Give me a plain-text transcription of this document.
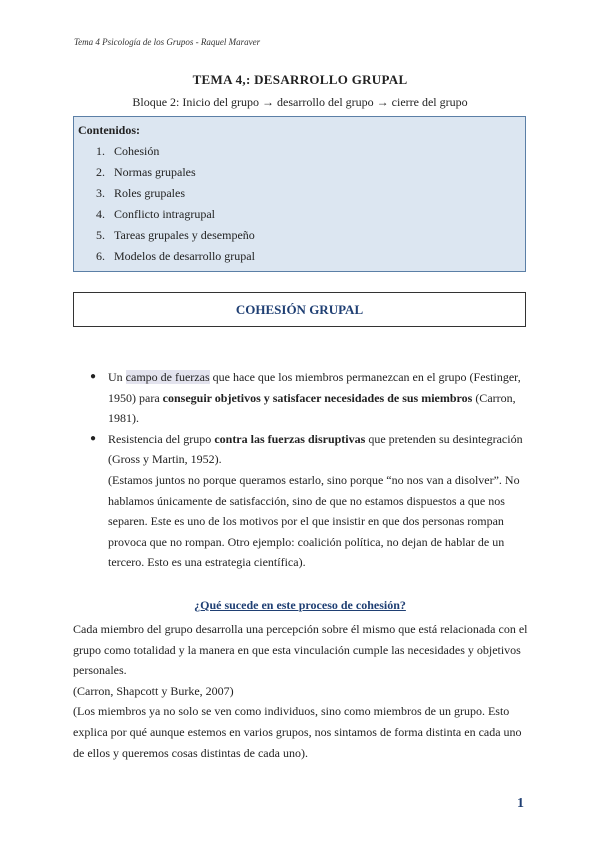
Tema 4 Psicología de los Grupos - Raquel Maraver
TEMA 4,: DESARROLLO GRUPAL
Bloque 2: Inicio del grupo → desarrollo del grupo → cierre del grupo
Contenidos:
1. Cohesión
2. Normas grupales
3. Roles grupales
4. Conflicto intragrupal
5. Tareas grupales y desempeño
6. Modelos de desarrollo grupal
COHESIÓN GRUPAL
● Un campo de fuerzas que hace que los miembros permanezcan en el grupo (Festinger, 1950) para conseguir objetivos y satisfacer necesidades de sus miembros (Carron, 1981).
● Resistencia del grupo contra las fuerzas disruptivas que pretenden su desintegración (Gross y Martin, 1952).
(Estamos juntos no porque queramos estarlo, sino porque “no nos van a disolver”. No hablamos únicamente de satisfacción, sino de que no estamos dispuestos a que nos separen. Este es uno de los motivos por el que insistir en que dos personas rompan provoca que no rompan. Otro ejemplo: coalición política, no dejan de hablar de un tercero. Esto es una estrategia científica).
¿Qué sucede en este proceso de cohesión?
Cada miembro del grupo desarrolla una percepción sobre él mismo que está relacionada con el grupo como totalidad y la manera en que esta vinculación cumple las necesidades y objetivos personales.
(Carron, Shapcott y Burke, 2007)
(Los miembros ya no solo se ven como individuos, sino como miembros de un grupo. Esto explica por qué aunque estemos en varios grupos, nos sintamos de forma distinta en cada uno de ellos y queremos cosas distintas de cada uno).
1
